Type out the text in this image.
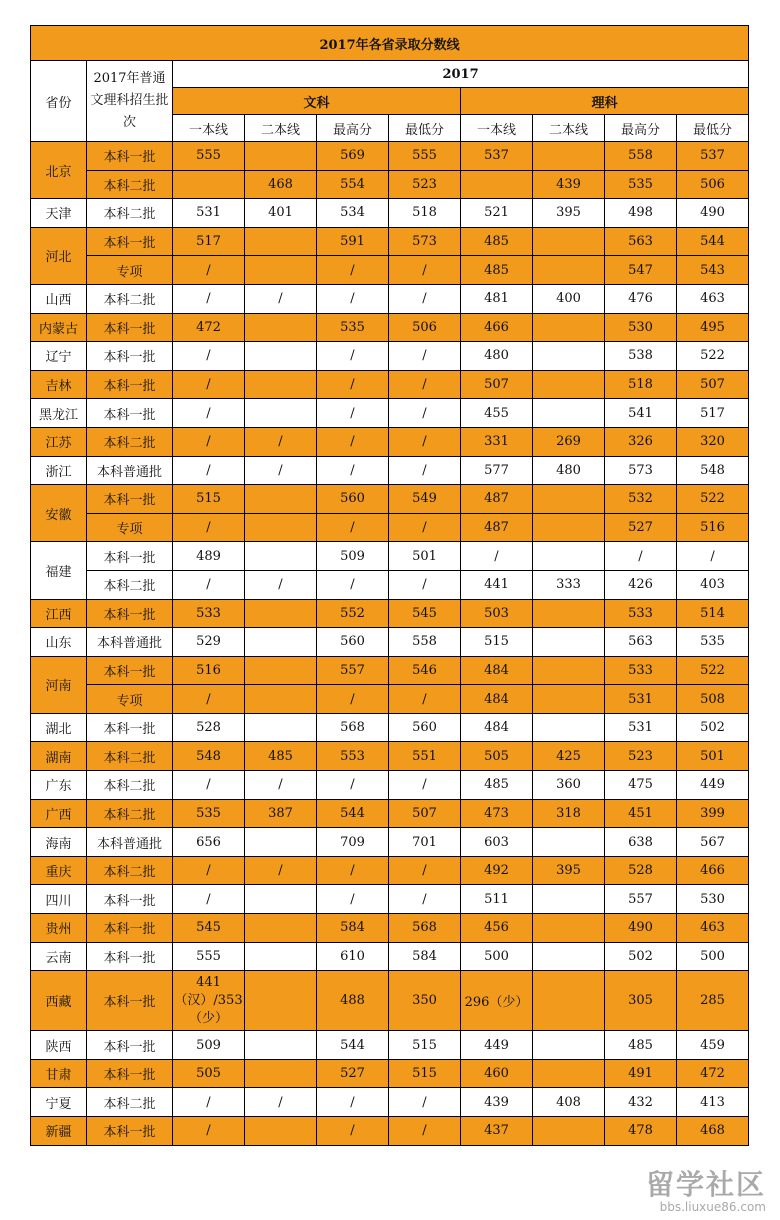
2017年各省录取分数线									
省份	2017年普通文理科招生批次	2017							
		文科				理科			
		一本线	二本线	最高分	最低分	一本线	二本线	最高分	最低分
北京	本科一批	555		569	555	537		558	537
	本科二批		468	554	523		439	535	506
天津	本科二批	531	401	534	518	521	395	498	490
河北	本科一批	517		591	573	485		563	544
	专项	/		/	/	485		547	543
山西	本科二批	/	/	/	/	481	400	476	463
内蒙古	本科一批	472		535	506	466		530	495
辽宁	本科一批	/		/	/	480		538	522
吉林	本科一批	/		/	/	507		518	507
黑龙江	本科一批	/		/	/	455		541	517
江苏	本科二批	/	/	/	/	331	269	326	320
浙江	本科普通批	/	/	/	/	577	480	573	548
安徽	本科一批	515		560	549	487		532	522
	专项	/		/	/	487		527	516
福建	本科一批	489		509	501	/		/	/
	本科二批	/	/	/	/	441	333	426	403
江西	本科一批	533		552	545	503		533	514
山东	本科普通批	529		560	558	515		563	535
河南	本科一批	516		557	546	484		533	522
	专项	/		/	/	484		531	508
湖北	本科一批	528		568	560	484		531	502
湖南	本科二批	548	485	553	551	505	425	523	501
广东	本科二批	/	/	/	/	485	360	475	449
广西	本科二批	535	387	544	507	473	318	451	399
海南	本科普通批	656		709	701	603		638	567
重庆	本科二批	/	/	/	/	492	395	528	466
四川	本科一批	/		/	/	511		557	530
贵州	本科一批	545		584	568	456		490	463
云南	本科一批	555		610	584	500		502	500
西藏	本科一批	441（汉）/353（少）		488	350	296（少）		305	285
陕西	本科一批	509		544	515	449		485	459
甘肃	本科一批	505		527	515	460		491	472
宁夏	本科二批	/	/	/	/	439	408	432	413
新疆	本科一批	/		/	/	437		478	468
留学社区
bbs.liuxue86.com
